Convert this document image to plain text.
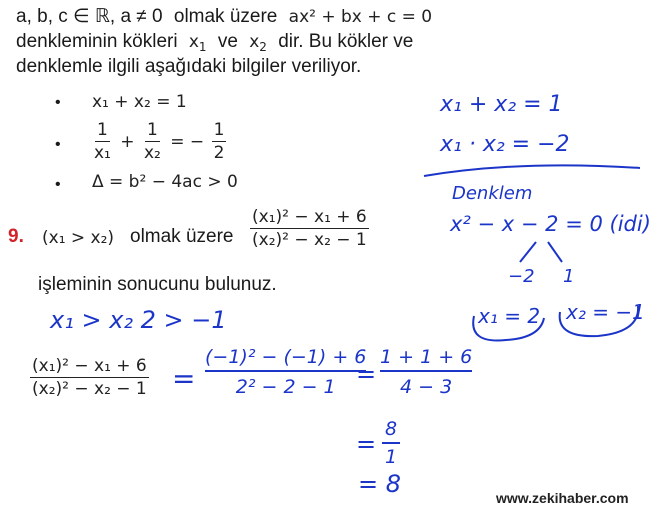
a, b, c ∈ ℝ, a ≠ 0 olmak üzere ax² + bx + c = 0
denkleminin kökleri $x_1$ ve $x_2$ dir. Bu kökler ve
denklemle ilgili aşağıdaki bilgiler veriliyor.
• x₁ + x₂ = 1
• $\frac{1}{\text{x₁}} + \frac{1}{\text{x₂}}$ = − $\frac{1}{2}$
• Δ = b² − 4ac > 0
9. (x₁ > x₂) olmak üzere $\frac{\text{(x₁)² − x₁ + 6}}{\text{(x₂)² − x₂ − 1}}$
işleminin sonucunu bulunuz.
$\frac{\text{(x₁)² − x₁ + 6}}{\text{(x₂)² − x₂ − 1}}$
x₁ + x₂ = 1
x₁ · x₂ = −2
Denklem
x² − x − 2 = 0 (idi)
−2 1
x₁ = 2 x₂ = −1
x₁ > x₂ 2 > −1
= $\frac{\text{(−1)² − (−1) + 6}}{\text{2² − 2 − 1}}$
= $\frac{1 + 1 + 6}{4 - 3}$
= $\frac{8}{1}$
= 8	www.zekihaber.com
